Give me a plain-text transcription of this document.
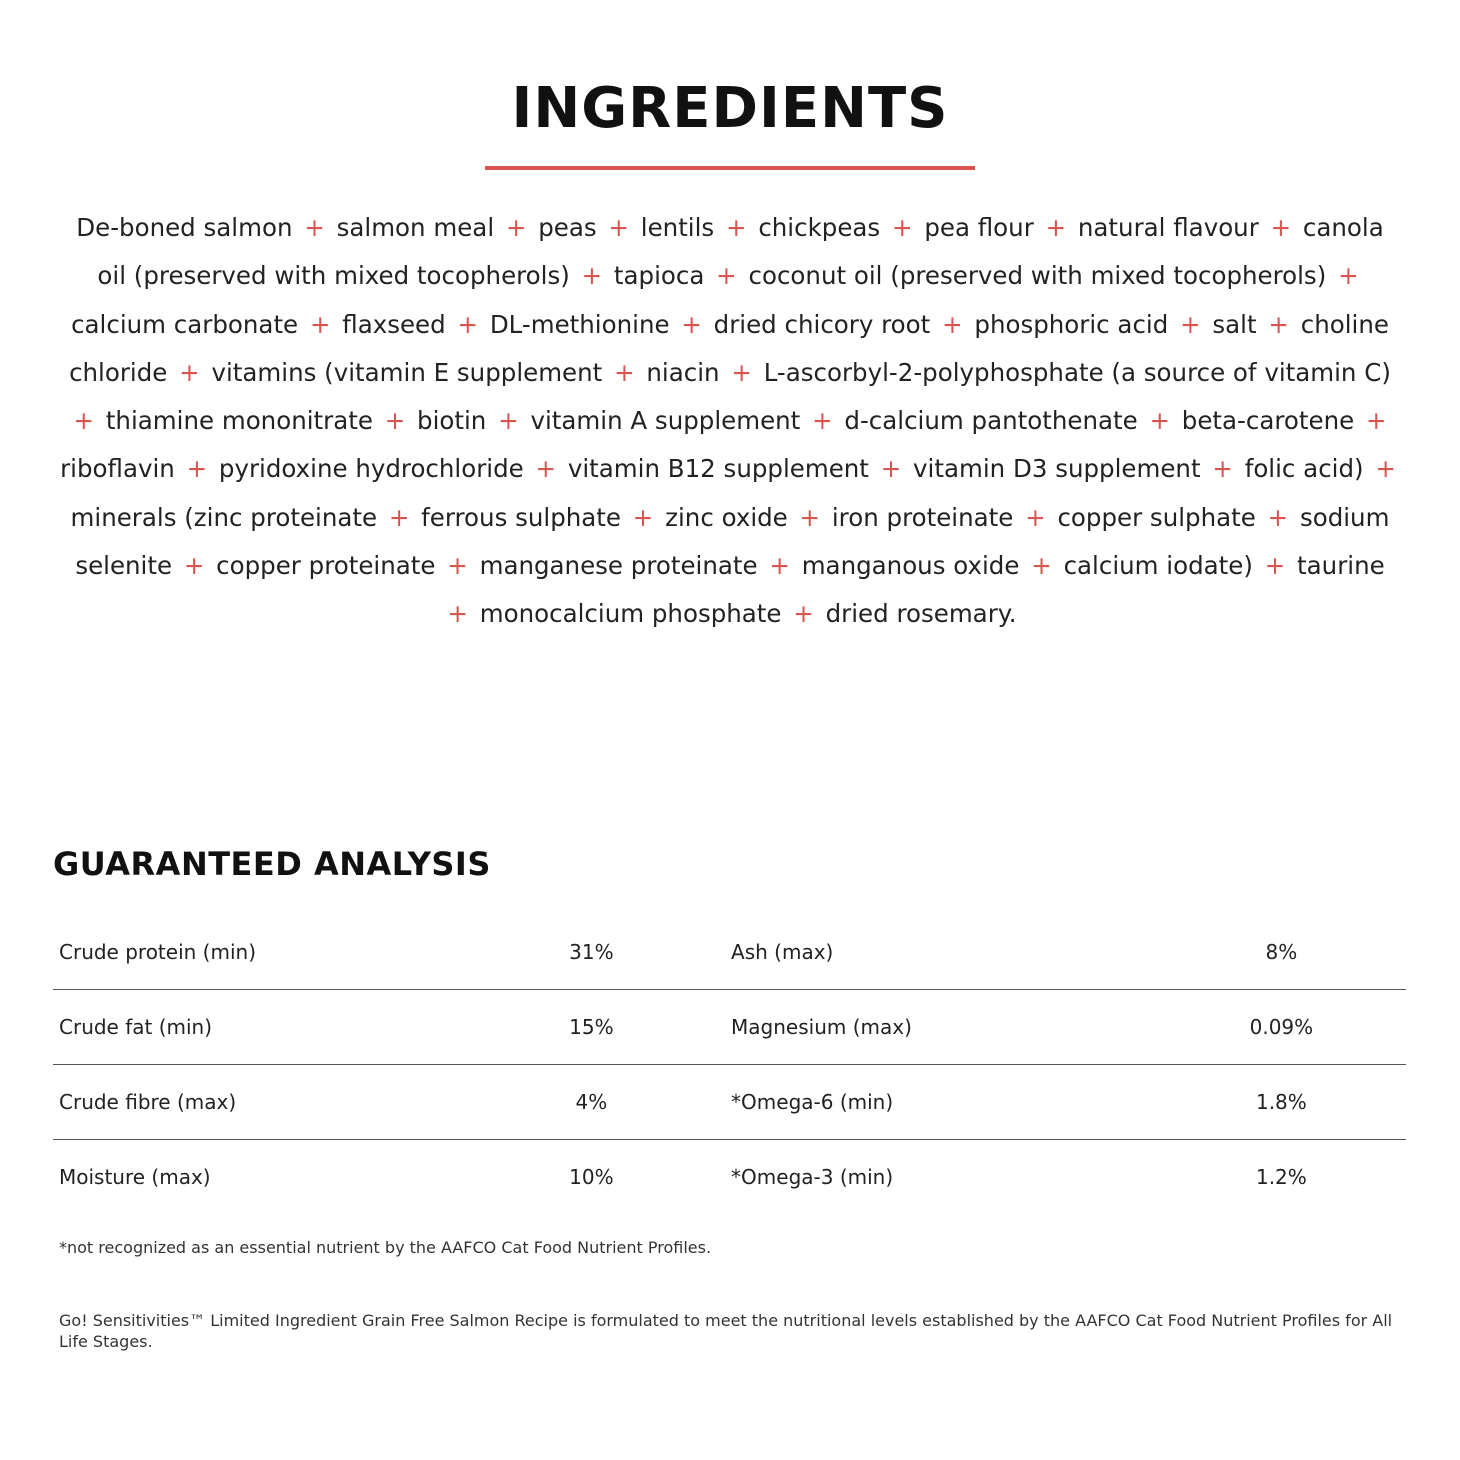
INGREDIENTS

De-boned salmon + salmon meal + peas + lentils + chickpeas + pea flour + natural flavour + canola oil (preserved with mixed tocopherols) + tapioca + coconut oil (preserved with mixed tocopherols) + calcium carbonate + flaxseed + DL-methionine + dried chicory root + phosphoric acid + salt + choline chloride + vitamins (vitamin E supplement + niacin + L-ascorbyl-2-polyphosphate (a source of vitamin C) + thiamine mononitrate + biotin + vitamin A supplement + d-calcium pantothenate + beta-carotene + riboflavin + pyridoxine hydrochloride + vitamin B12 supplement + vitamin D3 supplement + folic acid) + minerals (zinc proteinate + ferrous sulphate + zinc oxide + iron proteinate + copper sulphate + sodium selenite + copper proteinate + manganese proteinate + manganous oxide + calcium iodate) + taurine + monocalcium phosphate + dried rosemary.

GUARANTEED ANALYSIS
Crude protein (min)	31%		Ash (max)	8%
Crude fat (min)	15%		Magnesium (max)	0.09%
Crude fibre (max)	4%		*Omega-6 (min)	1.8%
Moisture (max)	10%		*Omega-3 (min)	1.2%

*not recognized as an essential nutrient by the AAFCO Cat Food Nutrient Profiles.

Go! Sensitivities™ Limited Ingredient Grain Free Salmon Recipe is formulated to meet the nutritional levels established by the AAFCO Cat Food Nutrient Profiles for All Life Stages.
